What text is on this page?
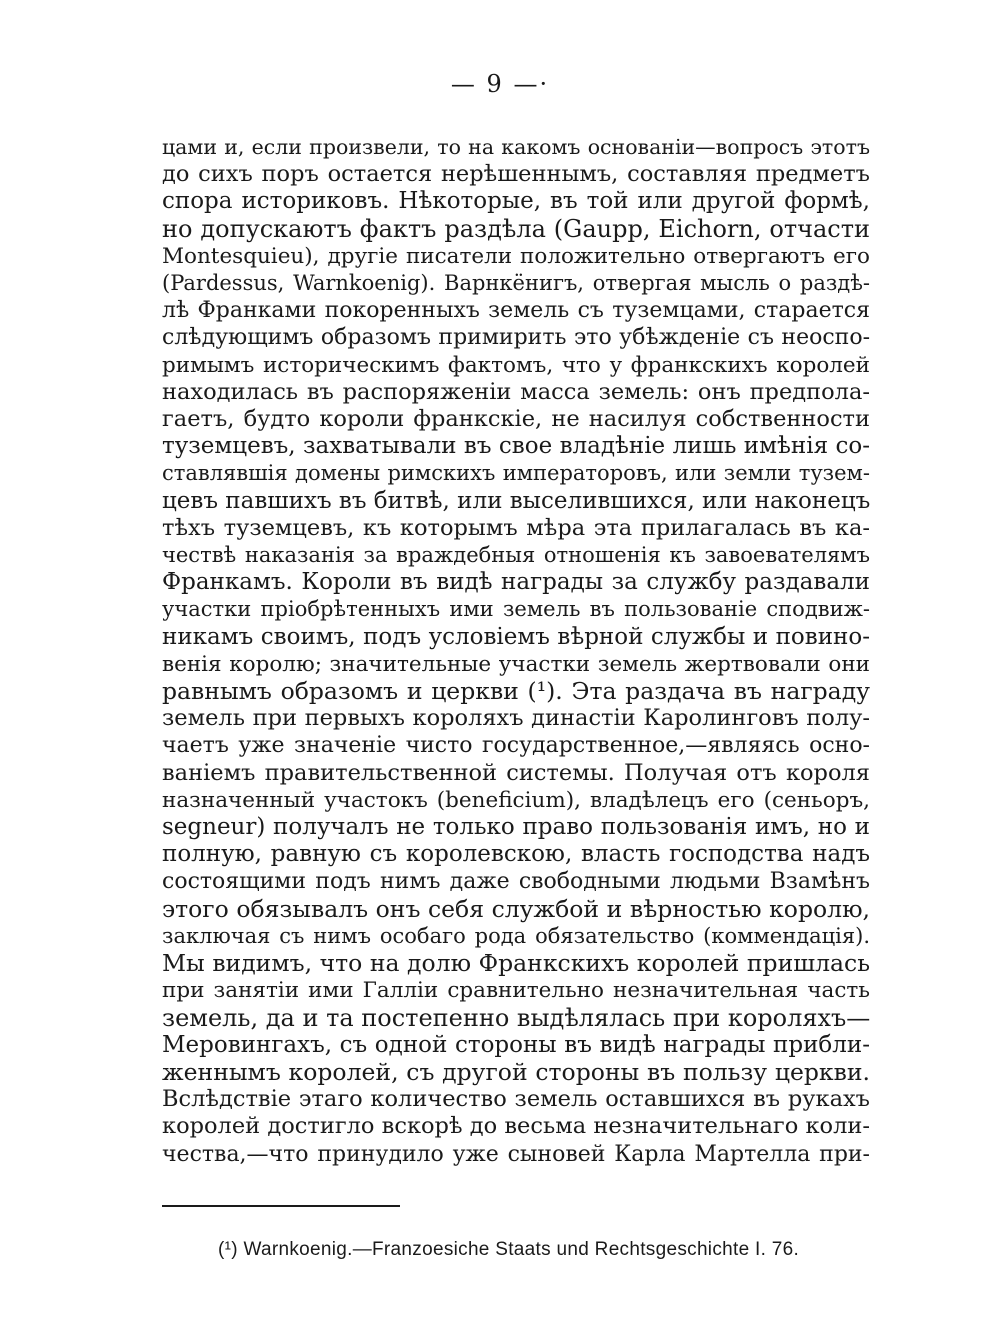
— 9 —·
цами и, если произвели, то на какомъ основанiи—вопросъ этотъ
до сихъ поръ остается нерѣшеннымъ, составляя предметъ
спора историковъ. Нѣкоторые, въ той или другой формѣ,
но допускаютъ фактъ раздѣла (Gaupp, Eichorn, отчасти
Montesquieu), другiе писатели положительно отвергаютъ его
(Pardessus, Warnkoenig). Варнкёнигъ, отвергая мысль о раздѣ-
лѣ Франками покоренныхъ земель съ туземцами, старается
слѣдующимъ образомъ примирить это убѣжденiе съ неоспо-
римымъ историческимъ фактомъ, что у франкскихъ королей
находилась въ распоряженiи масса земель: онъ предпола-
гаетъ, будто короли франкскiе, не насилуя собственности
туземцевъ, захватывали въ свое владѣнiе лишь имѣнiя со-
ставлявшiя домены римскихъ императоровъ, или земли тузем-
цевъ павшихъ въ битвѣ, или выселившихся, или наконецъ
тѣхъ туземцевъ, къ которымъ мѣра эта прилагалась въ ка-
чествѣ наказанiя за враждебныя отношенiя къ завоевателямъ
Франкамъ. Короли въ видѣ награды за службу раздавали
участки прiобрѣтенныхъ ими земель въ пользованiе сподвиж-
никамъ своимъ, подъ условiемъ вѣрной службы и повино-
венiя королю; значительные участки земель жертвовали они
равнымъ образомъ и церкви (¹). Эта раздача въ награду
земель при первыхъ короляхъ династiи Каролинговъ полу-
чаетъ уже значенiе чисто государственное,—являясь осно-
ванiемъ правительственной системы. Получая отъ короля
назначенный участокъ (beneficium), владѣлецъ его (сеньоръ,
segneur) получалъ не только право пользованiя имъ, но и
полную, равную съ королевскою, власть господства надъ
состоящими подъ нимъ даже свободными людьми Взамѣнъ
этого обязывалъ онъ себя службой и вѣрностью королю,
заключая съ нимъ особаго рода обязательство (коммендацiя).
Мы видимъ, что на долю Франкскихъ королей пришлась
при занятiи ими Галлiи сравнительно незначительная часть
земель, да и та постепенно выдѣлялась при короляхъ—
Меровингахъ, съ одной стороны въ видѣ награды прибли-
женнымъ королей, съ другой стороны въ пользу церкви.
Вслѣдствiе этаго количество земель оставшихся въ рукахъ
королей достигло вскорѣ до весьма незначительнаго коли-
чества,—что принудило уже сыновей Карла Мартелла при-
(¹) Warnkoenig.—Franzoesiche Staats und Rechtsgeschichte I. 76.
